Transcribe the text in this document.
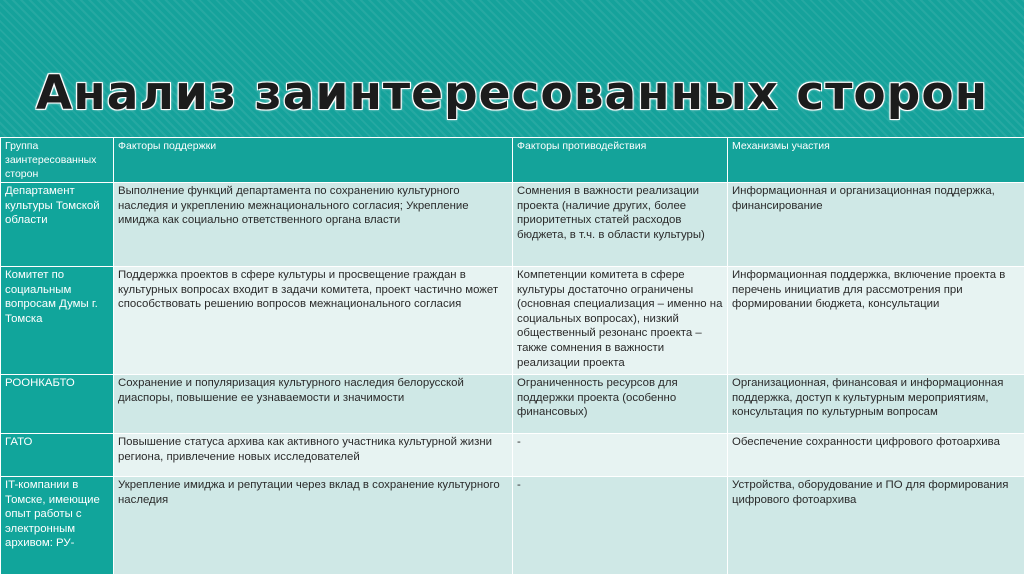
Анализ заинтересованных сторон
Группа заинтересованных сторон	Факторы поддержки	Факторы противодействия	Механизмы участия
Департамент культуры Томской области	Выполнение функций департамента по сохранению культурного наследия и укреплению межнационального согласия; Укрепление имиджа как социально ответственного органа власти	Сомнения в важности реализации проекта (наличие других, более приоритетных статей расходов бюджета, в т.ч. в области культуры)	Информационная и организационная поддержка, финансирование
Комитет по социальным вопросам Думы г. Томска	Поддержка проектов в сфере культуры и просвещение граждан в культурных вопросах входит в задачи комитета, проект частично может способствовать решению вопросов межнационального согласия	Компетенции комитета в сфере культуры достаточно ограничены (основная специализация – именно на социальных вопросах), низкий общественный резонанс проекта – также сомнения в важности реализации проекта	Информационная поддержка, включение проекта в перечень инициатив для рассмотрения при формировании бюджета, консультации
РООНКАБТО	Сохранение и популяризация культурного наследия белорусской диаспоры, повышение ее узнаваемости и значимости	Ограниченность ресурсов для поддержки проекта (особенно финансовых)	Организационная, финансовая и информационная поддержка, доступ к культурным мероприятиям, консультация по культурным вопросам
ГАТО	Повышение статуса архива как активного участника культурной жизни региона, привлечение новых исследователей	-	Обеспечение сохранности цифрового фотоархива
IT-компании в Томске, имеющие опыт работы с электронным архивом: РУ-	Укрепление имиджа и репутации через вклад в сохранение культурного наследия	-	Устройства, оборудование и ПО для формирования цифрового фотоархива
